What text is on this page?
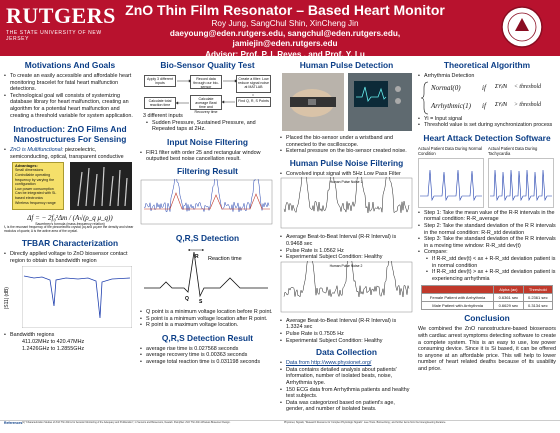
RUTGERS
THE STATE UNIVERSITY OF NEW JERSEY
ZnO Thin Film Resonator – Based Heart Monitor
Roy Jung, SangChul Shin, XinCheng Jin
daeyoung@eden.rutgers.edu, sangchul@eden.rutgers.edu, jamiejin@eden.rutgers.edu
Advisor: Prof. P. I. Reyes , and Prof. Y. Lu
Motivations And Goals
• To create an easily accessible and affordable heart monitoring bracelet for fatal heart malfunction detections.
• Technological goal will consists of systemizing database library for heart malfunction, creating an algorithm for a potential heart malfunction and creating a threshold variable for system application.
Introduction: ZnO Films And Nanostructures For Sensing
• ZnO is Multifunctional: piezoelectric, semiconducting, optical, transparent conductive
Advantages:
Small dimensions
Controllable operating frequency by varying the configuration
Low power consumption
Can be integrated with Si-based electronics
Wireless frequency range
Δf = − 2f₀²Δm / (A√(ρ_q μ_q))

Sauerbrey's formula (mass-frequency relation)

f₀ is the resonant frequency of the piezoelectric crystal; ρq and μq are the density and shear modulus of quartz; A is the active area of the crystal.

TFBAR Characterization
• Directly applied voltage to ZnO biosensor contact region to obtain its bandwidth region
|S11| (dB)
• Bandwidth regions
411.02MHz to 420.47MHz
1.2426GHz to 1.2855GHz
Bio-Sensor Quality Test
Apply 3 different inputs
Record data through our bio-sensor
Create a filter: Low reduce signal noise at MATLAB
Calculate total reaction time
Calculate average Beat time and Recovery time
Find Q, R, S Points

3 different inputs

• Sudden Pressure, Sustained Pressure, and Repeated taps at 2Hz.
Input Noise Filtering
• FIR1 filter with order 25 and rectangular window outputted best noise cancellation result.
Filtering Result
Q,R,S Detection
Reaction time
R
Q S
• Q point is a minimum voltage location before R point.
• S point is a minimum voltage location after R point.
• R point is a maximum voltage location.
Q,R,S Detection Result
• average rise time is 0.027568 seconds
• average recovery time is 0.00363 seconds
• average total reaction time is 0.031198 seconds
Human Pulse Detection
• Placed the bio-sensor under a wristband and connected to the oscilloscope.
• External pressure on the bio-sensor created noise.
Human Pulse Noise Filtering
• Convolved input signal with 5Hz Low Pass Filter
Human Pulse Noise 1
• Average Beat-to-Beat Interval (R-R Interval) is 0.9468 sec
• Pulse Rate is 1.0562 Hz
• Experimental Subject Condition: Healthy
Human Pulse Noise 2
• Average Beat-to-Beat Interval (R-R Interval) is 1.3324 sec
• Pulse Rate is 0.7505 Hz
• Experimental Subject Condition: Healthy
Data Collection
• Data from http://www.physionet.org/
• Data contains detailed analysis about patients' information, number of isolated beats, noise, Arrhythmia type.
• 150 ECG data from Arrhythmia patients and healthy test subjects.
• Data was categorized based on patient's age, gender, and number of isolated beats.
Theoretical Algorithm
• Arrhythmia Detection
Normal(0)
Arrhythmic(1)
if
if
ΣYᵢ/N
ΣYᵢ/N
< threshold
> threshold
• Yi = Input signal
• Threshold value is set during synchronization process
Heart Attack Detection Software
Actual Patient Data During Normal Condition
Actual Patient Data During Tachycardia
• Step 1: Take the mean value of the R-R intervals in the normal condition: R-R_average
• Step 2: Take the standard deviation of the R R intervals in the normal condition: R-R_std deviation
• Step 3: Take the standard deviation of the R R intervals in a moving time window: R-R_std dev(t)
• Compare:
• If R-R_std dev(t) < ax + R-R_std deviation patient is in normal condition
• If R-R_std dev(t) > ax + R-R_std deviation patient is experiencing arrhythmia
	Alpha (ax)	Threshold
Female Patient with Arrhythmia	0.6361 sec	0.2361 sec
Male Patient with Arrhythmia	0.6629 sec	0.3134 sec
Conclusion

We combined the ZnO nanostructure-based biosensors with cardiac arrest symptoms detecting software to create a complete system. This is an easy to use, low power consuming device. Since it is Si based, it can be offered to anyone at an affordable price. This will help to lower number of heart related deaths because of its usability and price.

References [1] "Characterization Studies of ZnO Thin Films for Acoustic Monitoring of the Adequacy and Proliferation", in Sensors and Biosensors, Newark. Pamphlet: ZnO Thin Film Wireless Biosensor Design.	Physionet, Signals; "Research Resource for Complex Physiologic Signals". Ieee Trans. Biomed Eng.; and further items from the bioengineering literature.
